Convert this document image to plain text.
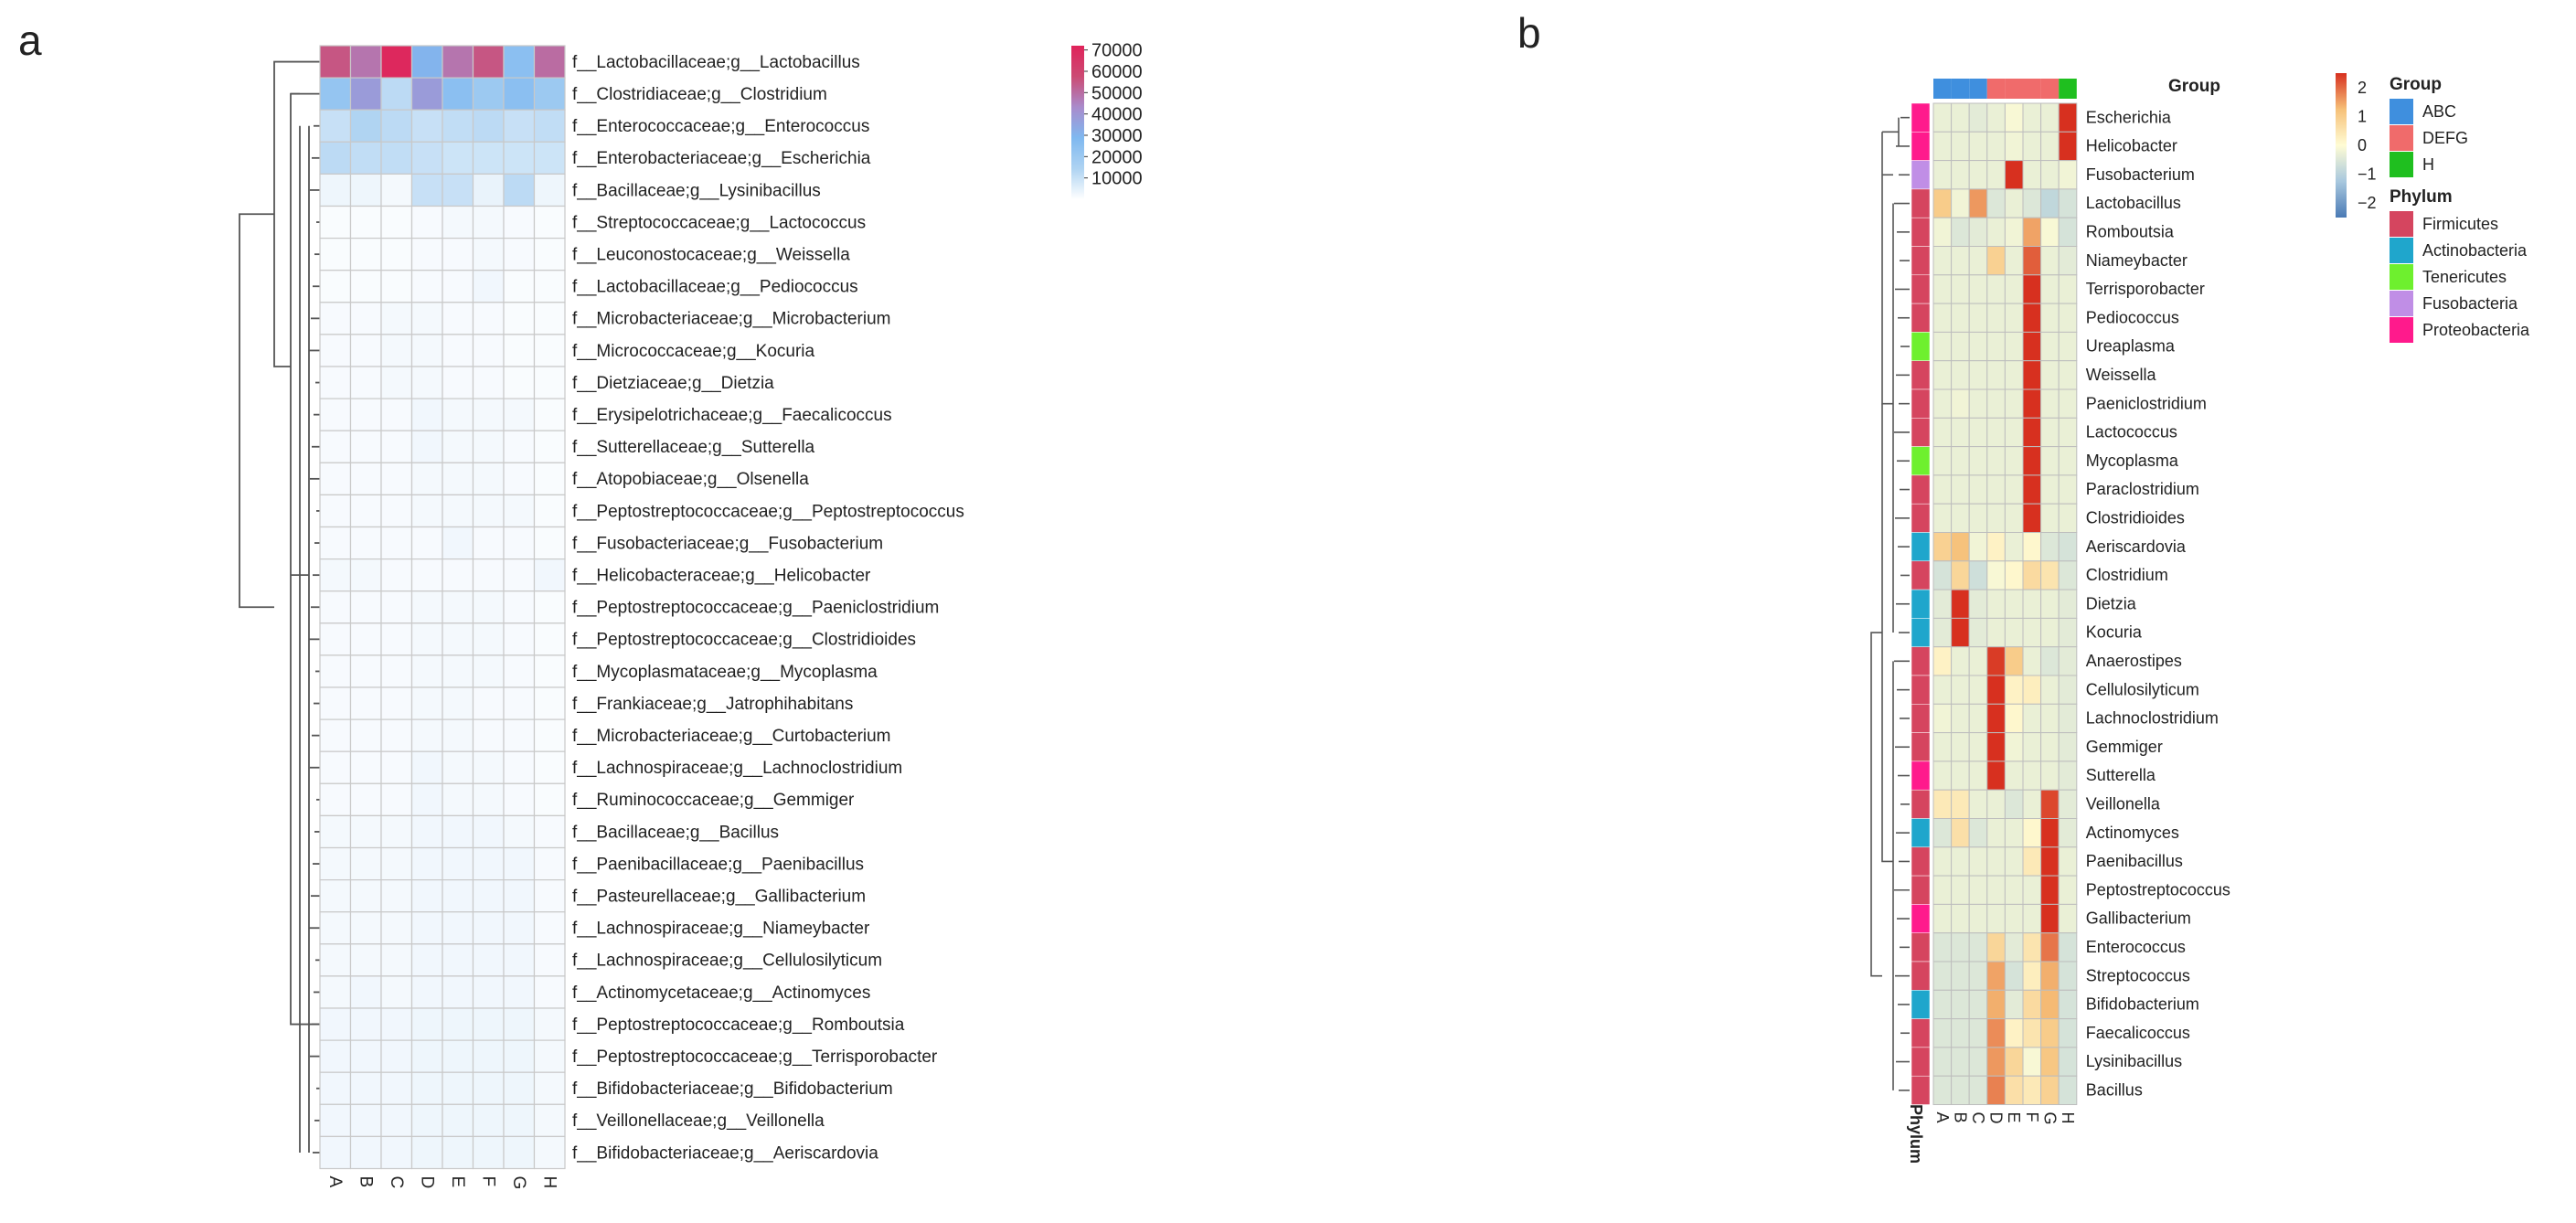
a	b
f__Lactobacillaceae;g__Lactobacillus
f__Clostridiaceae;g__Clostridium
f__Enterococcaceae;g__Enterococcus
f__Enterobacteriaceae;g__Escherichia
f__Bacillaceae;g__Lysinibacillus
f__Streptococcaceae;g__Lactococcus
f__Leuconostocaceae;g__Weissella
f__Lactobacillaceae;g__Pediococcus
f__Microbacteriaceae;g__Microbacterium
f__Micrococcaceae;g__Kocuria
f__Dietziaceae;g__Dietzia
f__Erysipelotrichaceae;g__Faecalicoccus
f__Sutterellaceae;g__Sutterella
f__Atopobiaceae;g__Olsenella
f__Peptostreptococcaceae;g__Peptostreptococcus
f__Fusobacteriaceae;g__Fusobacterium
f__Helicobacteraceae;g__Helicobacter
f__Peptostreptococcaceae;g__Paeniclostridium
f__Peptostreptococcaceae;g__Clostridioides
f__Mycoplasmataceae;g__Mycoplasma
f__Frankiaceae;g__Jatrophihabitans
f__Microbacteriaceae;g__Curtobacterium
f__Lachnospiraceae;g__Lachnoclostridium
f__Ruminococcaceae;g__Gemmiger
f__Bacillaceae;g__Bacillus
f__Paenibacillaceae;g__Paenibacillus
f__Pasteurellaceae;g__Gallibacterium
f__Lachnospiraceae;g__Niameybacter
f__Lachnospiraceae;g__Cellulosilyticum
f__Actinomycetaceae;g__Actinomyces
f__Peptostreptococcaceae;g__Romboutsia
f__Peptostreptococcaceae;g__Terrisporobacter
f__Bifidobacteriaceae;g__Bifidobacterium
f__Veillonellaceae;g__Veillonella
f__Bifidobacteriaceae;g__Aeriscardovia
A B C D E F G H
70000
60000
50000
40000
30000
20000
10000
Group
Escherichia
Helicobacter
Fusobacterium
Lactobacillus
Romboutsia
Niameybacter
Terrisporobacter
Pediococcus
Ureaplasma
Weissella
Paeniclostridium
Lactococcus
Mycoplasma
Paraclostridium
Clostridioides
Aeriscardovia
Clostridium
Dietzia
Kocuria
Anaerostipes
Cellulosilyticum
Lachnoclostridium
Gemmiger
Sutterella
Veillonella
Actinomyces
Paenibacillus
Peptostreptococcus
Gallibacterium
Enterococcus
Streptococcus
Bifidobacterium
Faecalicoccus
Lysinibacillus
Bacillus
A B C D E F G H
Phylum
2
1
0
−1
−2
Group
ABC
DEFG
H
Phylum
Firmicutes
Actinobacteria
Tenericutes
Fusobacteria
Proteobacteria
